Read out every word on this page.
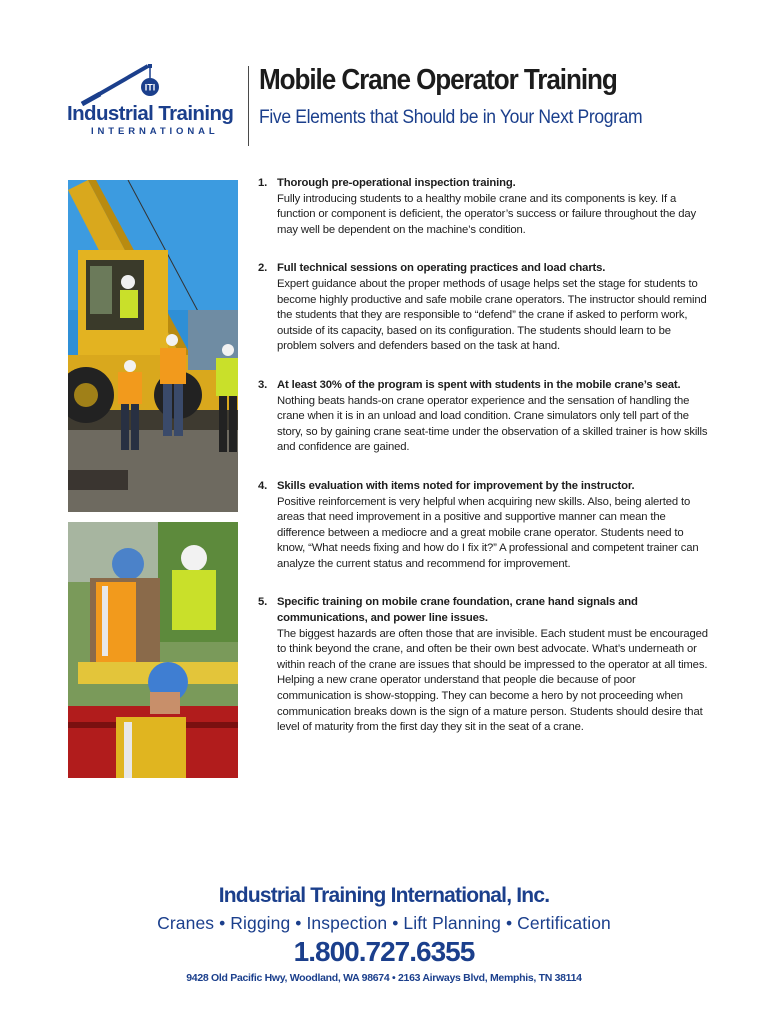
ITI
Industrial Training
INTERNATIONAL
Mobile Crane Operator Training
Five Elements that Should be in Your Next Program
1. Thorough pre-operational inspection training.
Fully introducing students to a healthy mobile crane and its components is key. If a function or component is deficient, the operator’s success or failure throughout the day may well be dependent on the machine’s condition.
2. Full technical sessions on operating practices and load charts.
Expert guidance about the proper methods of usage helps set the stage for students to become highly productive and safe mobile crane operators. The instructor should remind the students that they are responsible to “defend” the crane if asked to perform work, outside of its capacity, based on its configuration. The students should learn to be problem solvers and defenders based on the task at hand.
3. At least 30% of the program is spent with students in the mobile crane’s seat.
Nothing beats hands-on crane operator experience and the sensation of handling the crane when it is in an unload and load condition. Crane simulators only tell part of the story, so by gaining crane seat-time under the observation of a skilled trainer is how skills and confidence are gained.
4. Skills evaluation with items noted for improvement by the instructor.
Positive reinforcement is very helpful when acquiring new skills. Also, being alerted to areas that need improvement in a positive and supportive manner can mean the difference between a mediocre and a great mobile crane operator. Students need to know, “What needs fixing and how do I fix it?” A professional and competent trainer can analyze the current status and recommend for improvement.
5. Specific training on mobile crane foundation, crane hand signals and communications, and power line issues.
The biggest hazards are often those that are invisible. Each student must be encouraged to think beyond the crane, and often be their own best advocate. What’s underneath or within reach of the crane are issues that should be impressed to the operator at all times. Helping a new crane operator understand that people die because of poor communication is show-stopping. They can become a hero by not proceeding when communication breaks down is the sign of a mature person. Students should desire that level of maturity from the first day they sit in the seat of a crane.
Industrial Training International, Inc.
Cranes • Rigging • Inspection • Lift Planning • Certification
1.800.727.6355
9428 Old Pacific Hwy, Woodland, WA 98674 • 2163 Airways Blvd, Memphis, TN 38114
